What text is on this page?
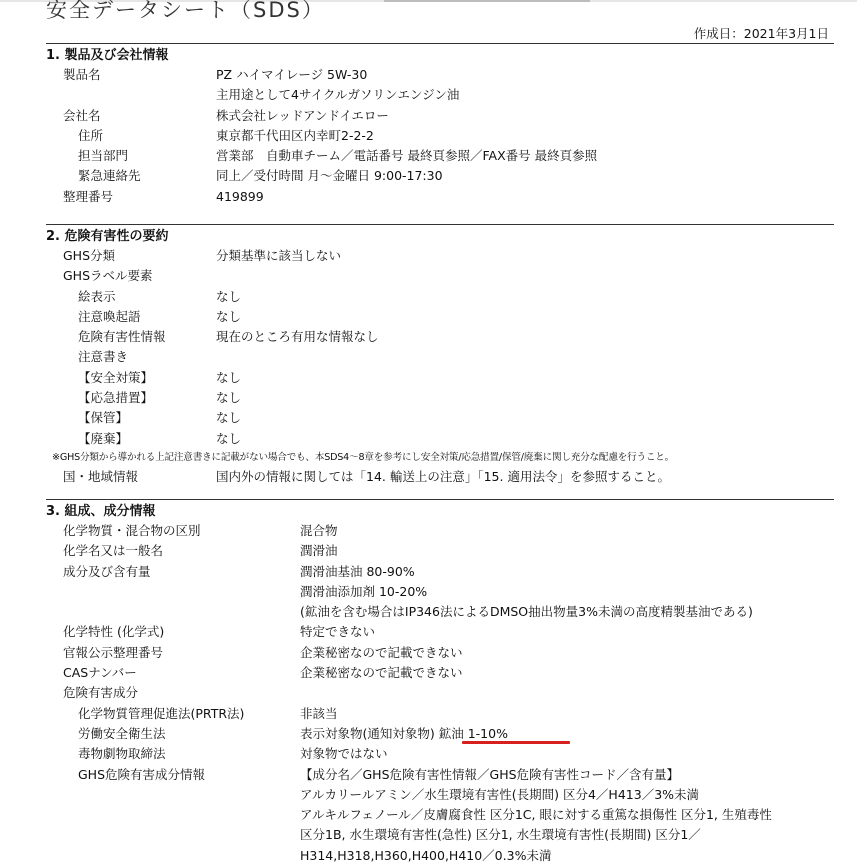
安全データシート（SDS）
作成日：2021年3月1日
1. 製品及び会社情報
製品名	PZ ハイマイレージ 5W-30
主用途として4サイクルガソリンエンジン油
会社名	株式会社レッドアンドイエロー
住所	東京都千代田区内幸町2-2-2
担当部門	営業部　自動車チーム／電話番号 最終頁参照／FAX番号 最終頁参照
緊急連絡先	同上／受付時間 月～金曜日 9:00-17:30
整理番号	419899
2. 危険有害性の要約
GHS分類	分類基準に該当しない
GHSラベル要素
絵表示	なし
注意喚起語	なし
危険有害性情報	現在のところ有用な情報なし
注意書き
【安全対策】	なし
【応急措置】	なし
【保管】	なし
【廃棄】	なし
※GHS分類から導かれる上記注意書きに記載がない場合でも、本SDS4～8章を参考にし安全対策/応急措置/保管/廃棄に関し充分な配慮を行うこと。
国・地域情報	国内外の情報に関しては「14. 輸送上の注意」「15. 適用法令」を参照すること。
3. 組成、成分情報
化学物質・混合物の区別	混合物
化学名又は一般名	潤滑油
成分及び含有量	潤滑油基油 80-90%
潤滑油添加剤 10-20%
(鉱油を含む場合はIP346法によるDMSO抽出物量3%未満の高度精製基油である)
化学特性 (化学式)	特定できない
官報公示整理番号	企業秘密なので記載できない
CASナンバー	企業秘密なので記載できない
危険有害成分
化学物質管理促進法(PRTR法)	非該当
労働安全衛生法	表示対象物(通知対象物) 鉱油 1-10%
毒物劇物取締法	対象物ではない
GHS危険有害成分情報	【成分名／GHS危険有害性情報／GHS危険有害性コード／含有量】
アルカリールアミン／水生環境有害性(長期間) 区分4／H413／3%未満
アルキルフェノール／皮膚腐食性 区分1C, 眼に対する重篤な損傷性 区分1, 生殖毒性
区分1B, 水生環境有害性(急性) 区分1, 水生環境有害性(長期間) 区分1／
H314,H318,H360,H400,H410／0.3%未満
